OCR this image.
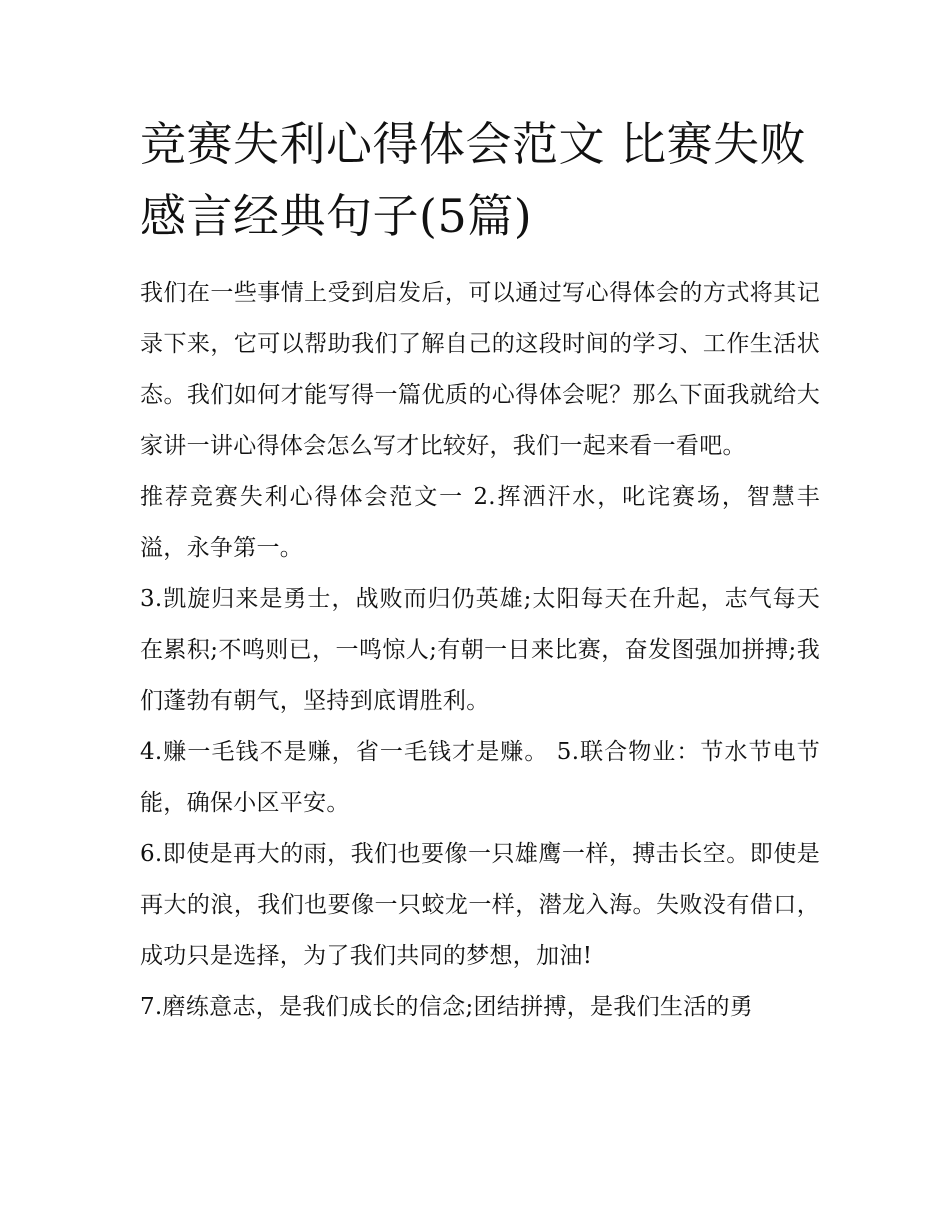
竞赛失利心得体会范文 比赛失败感言经典句子(5篇)

我们在一些事情上受到启发后，可以通过写心得体会的方式将其记录下来，它可以帮助我们了解自己的这段时间的学习、工作生活状态。我们如何才能写得一篇优质的心得体会呢？那么下面我就给大家讲一讲心得体会怎么写才比较好，我们一起来看一看吧。

推荐竞赛失利心得体会范文一 2.挥洒汗水，叱诧赛场，智慧丰溢，永争第一。

3.凯旋归来是勇士，战败而归仍英雄;太阳每天在升起，志气每天在累积;不鸣则已，一鸣惊人;有朝一日来比赛，奋发图强加拼搏;我们蓬勃有朝气，坚持到底谓胜利。

4.赚一毛钱不是赚，省一毛钱才是赚。 5.联合物业：节水节电节能，确保小区平安。

6.即使是再大的雨，我们也要像一只雄鹰一样，搏击长空。即使是再大的浪，我们也要像一只蛟龙一样，潜龙入海。失败没有借口，成功只是选择，为了我们共同的梦想，加油!

7.磨练意志，是我们成长的信念;团结拼搏，是我们生活的勇
